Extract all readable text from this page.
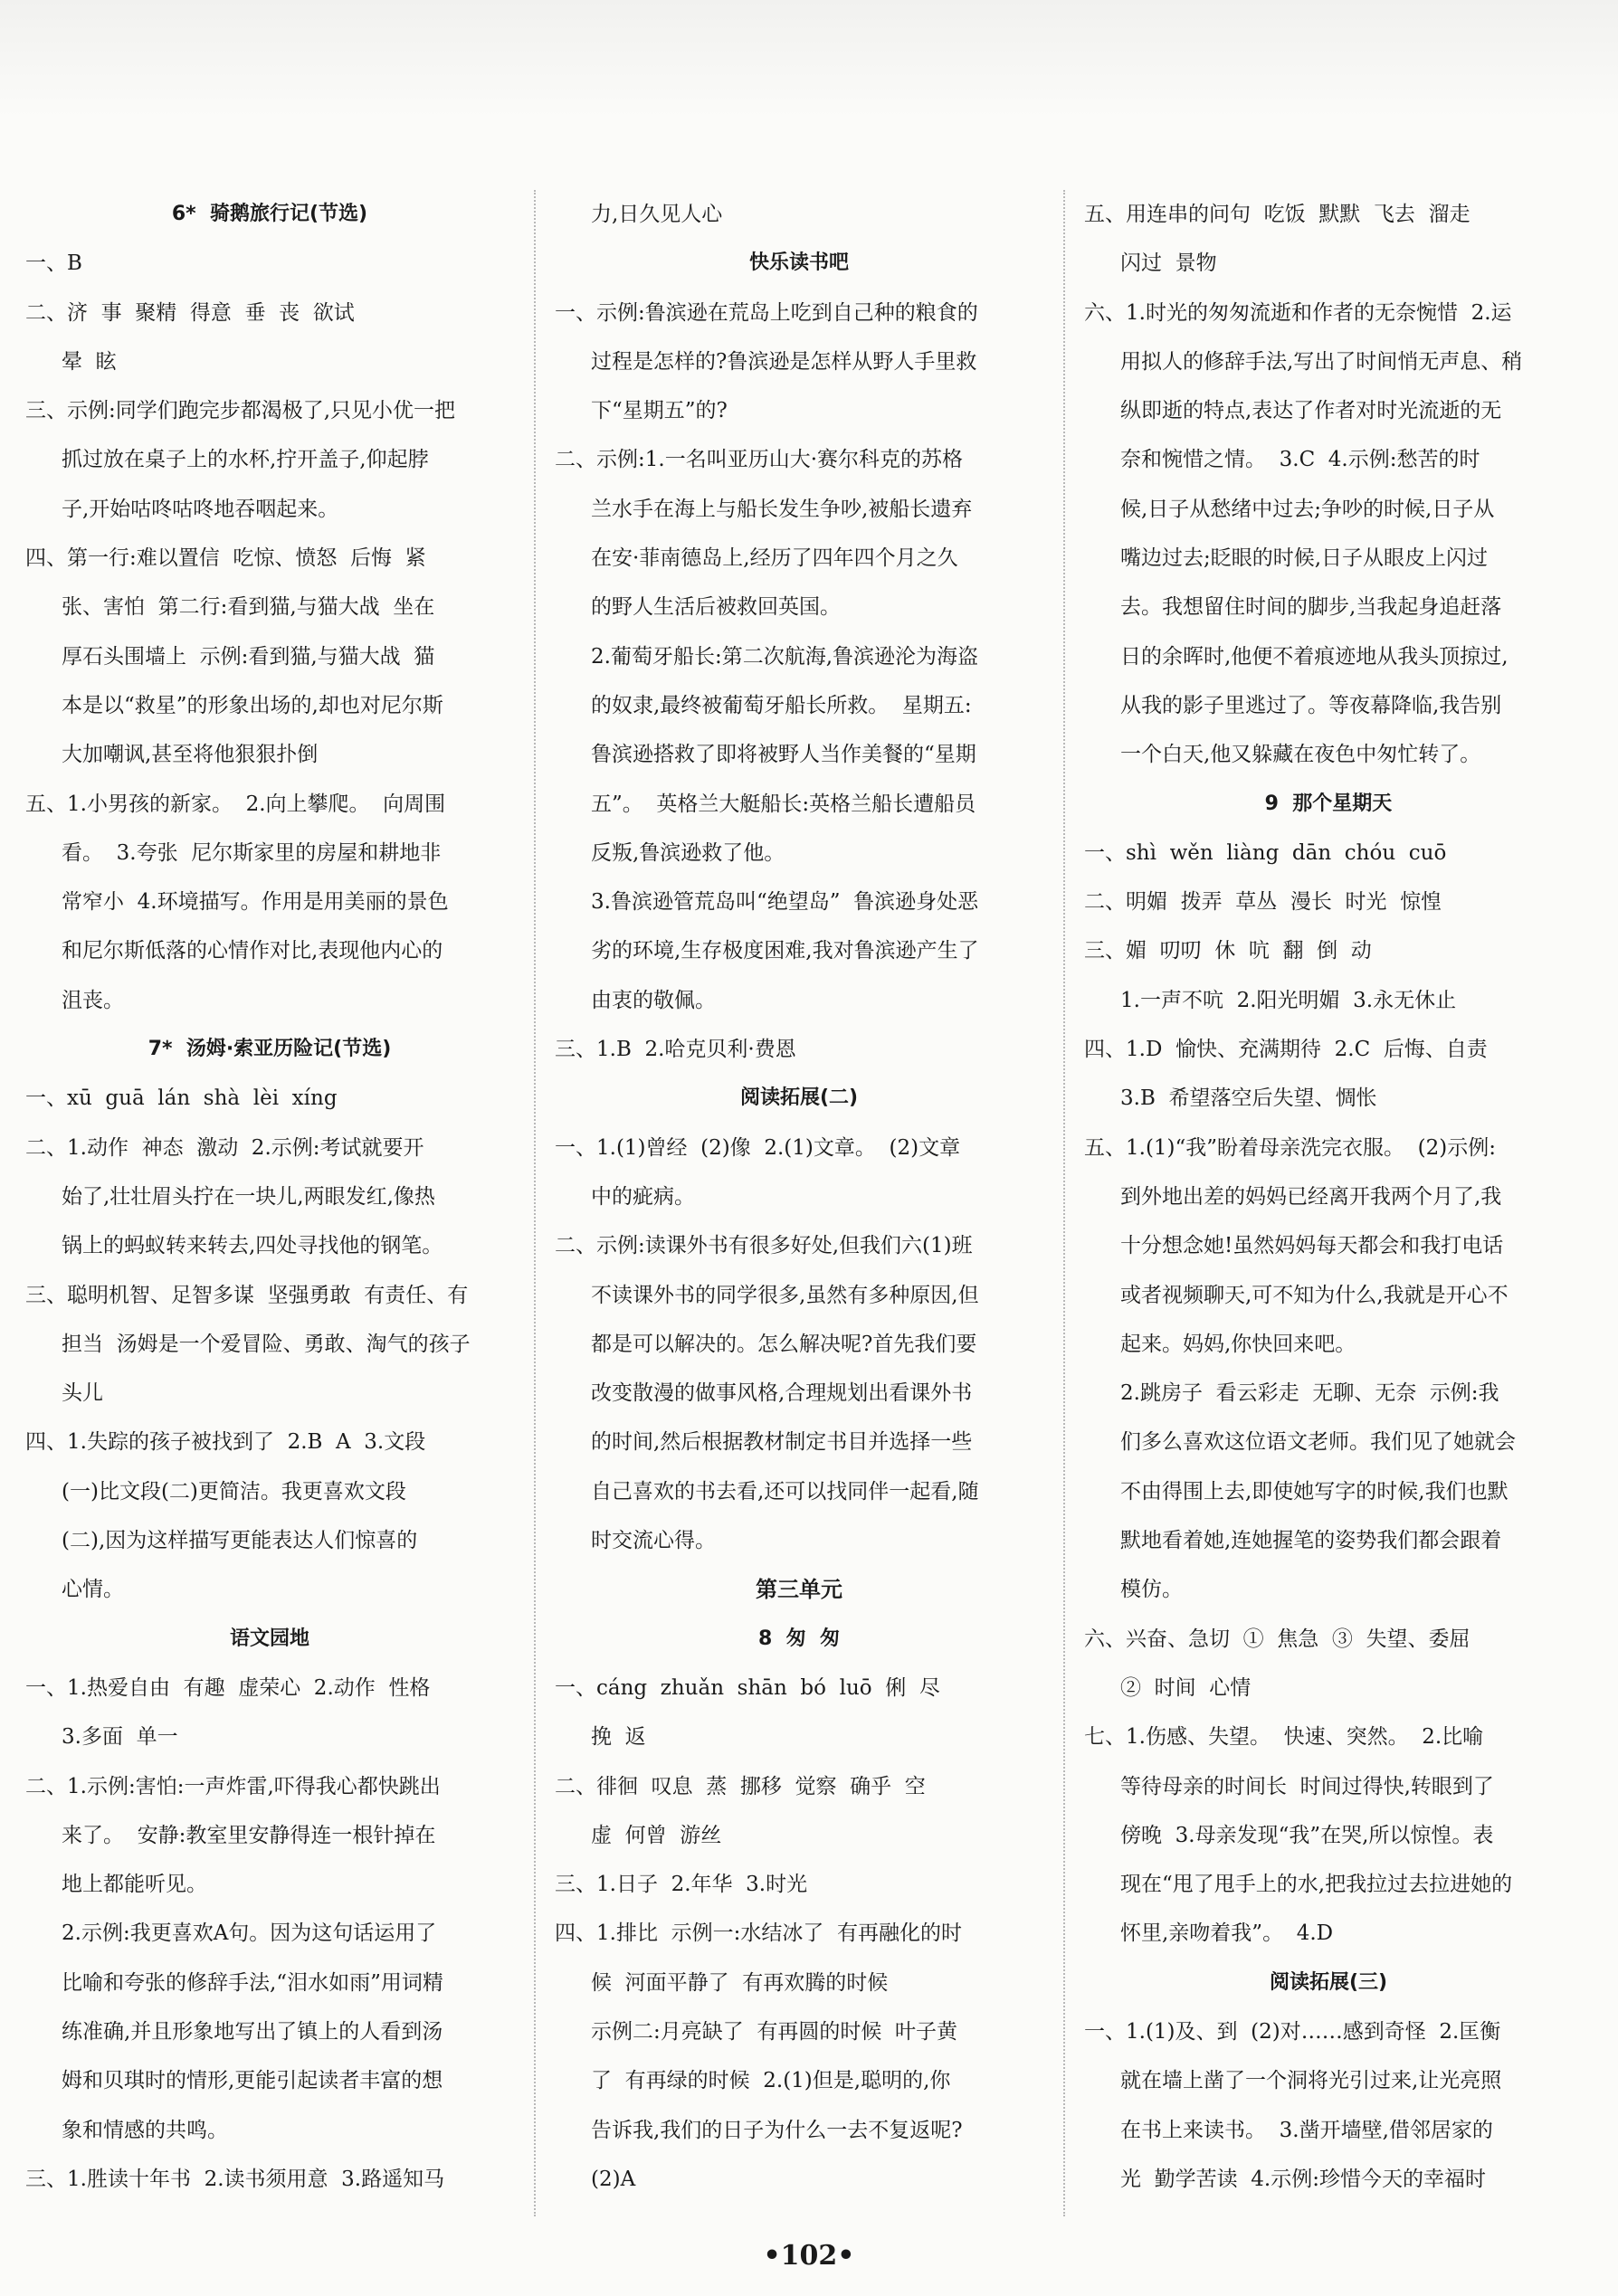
6*  骑鹅旅行记(节选)
一、B
二、济  事  聚精  得意  垂  丧  欲试
晕  眩
三、示例:同学们跑完步都渴极了,只见小优一把
抓过放在桌子上的水杯,拧开盖子,仰起脖
子,开始咕咚咕咚地吞咽起来。
四、第一行:难以置信  吃惊、愤怒  后悔  紧
张、害怕  第二行:看到猫,与猫大战  坐在
厚石头围墙上  示例:看到猫,与猫大战  猫
本是以“救星”的形象出场的,却也对尼尔斯
大加嘲讽,甚至将他狠狠扑倒
五、1.小男孩的新家。  2.向上攀爬。  向周围
看。  3.夸张  尼尔斯家里的房屋和耕地非
常窄小  4.环境描写。作用是用美丽的景色
和尼尔斯低落的心情作对比,表现他内心的
沮丧。
7*  汤姆·索亚历险记(节选)
一、xū  guā  lán  shà  lèi  xíng
二、1.动作  神态  激动  2.示例:考试就要开
始了,壮壮眉头拧在一块儿,两眼发红,像热
锅上的蚂蚁转来转去,四处寻找他的钢笔。
三、聪明机智、足智多谋  坚强勇敢  有责任、有
担当  汤姆是一个爱冒险、勇敢、淘气的孩子
头儿
四、1.失踪的孩子被找到了  2.B  A  3.文段
(一)比文段(二)更简洁。我更喜欢文段
(二),因为这样描写更能表达人们惊喜的
心情。
语文园地
一、1.热爱自由  有趣  虚荣心  2.动作  性格
3.多面  单一
二、1.示例:害怕:一声炸雷,吓得我心都快跳出
来了。  安静:教室里安静得连一根针掉在
地上都能听见。
2.示例:我更喜欢A句。因为这句话运用了
比喻和夸张的修辞手法,“泪水如雨”用词精
练准确,并且形象地写出了镇上的人看到汤
姆和贝琪时的情形,更能引起读者丰富的想
象和情感的共鸣。
三、1.胜读十年书  2.读书须用意  3.路遥知马
力,日久见人心
快乐读书吧
一、示例:鲁滨逊在荒岛上吃到自己种的粮食的
过程是怎样的?鲁滨逊是怎样从野人手里救
下“星期五”的?
二、示例:1.一名叫亚历山大·赛尔科克的苏格
兰水手在海上与船长发生争吵,被船长遗弃
在安·菲南德岛上,经历了四年四个月之久
的野人生活后被救回英国。
2.葡萄牙船长:第二次航海,鲁滨逊沦为海盗
的奴隶,最终被葡萄牙船长所救。  星期五:
鲁滨逊搭救了即将被野人当作美餐的“星期
五”。  英格兰大艇船长:英格兰船长遭船员
反叛,鲁滨逊救了他。
3.鲁滨逊管荒岛叫“绝望岛”  鲁滨逊身处恶
劣的环境,生存极度困难,我对鲁滨逊产生了
由衷的敬佩。
三、1.B  2.哈克贝利·费恩
阅读拓展(二)
一、1.(1)曾经  (2)像  2.(1)文章。  (2)文章
中的疵病。
二、示例:读课外书有很多好处,但我们六(1)班
不读课外书的同学很多,虽然有多种原因,但
都是可以解决的。怎么解决呢?首先我们要
改变散漫的做事风格,合理规划出看课外书
的时间,然后根据教材制定书目并选择一些
自己喜欢的书去看,还可以找同伴一起看,随
时交流心得。
第三单元
8  匆  匆
一、cáng  zhuǎn  shān  bó  luō  俐  尽
挽  返
二、徘徊  叹息  蒸  挪移  觉察  确乎  空
虚  何曾  游丝
三、1.日子  2.年华  3.时光
四、1.排比  示例一:水结冰了  有再融化的时
候  河面平静了  有再欢腾的时候
示例二:月亮缺了  有再圆的时候  叶子黄
了  有再绿的时候  2.(1)但是,聪明的,你
告诉我,我们的日子为什么一去不复返呢?
(2)A
五、用连串的问句  吃饭  默默  飞去  溜走
闪过  景物
六、1.时光的匆匆流逝和作者的无奈惋惜  2.运
用拟人的修辞手法,写出了时间悄无声息、稍
纵即逝的特点,表达了作者对时光流逝的无
奈和惋惜之情。  3.C  4.示例:愁苦的时
候,日子从愁绪中过去;争吵的时候,日子从
嘴边过去;眨眼的时候,日子从眼皮上闪过
去。我想留住时间的脚步,当我起身追赶落
日的余晖时,他便不着痕迹地从我头顶掠过,
从我的影子里逃过了。等夜幕降临,我告别
一个白天,他又躲藏在夜色中匆忙转了。
9  那个星期天
一、shì  wěn  liàng  dān  chóu  cuō
二、明媚  拨弄  草丛  漫长  时光  惊惶
三、媚  叨叨  休  吭  翻  倒  动
1.一声不吭  2.阳光明媚  3.永无休止
四、1.D  愉快、充满期待  2.C  后悔、自责
3.B  希望落空后失望、惆怅
五、1.(1)“我”盼着母亲洗完衣服。  (2)示例:
到外地出差的妈妈已经离开我两个月了,我
十分想念她!虽然妈妈每天都会和我打电话
或者视频聊天,可不知为什么,我就是开心不
起来。妈妈,你快回来吧。
2.跳房子  看云彩走  无聊、无奈  示例:我
们多么喜欢这位语文老师。我们见了她就会
不由得围上去,即使她写字的时候,我们也默
默地看着她,连她握笔的姿势我们都会跟着
模仿。
六、兴奋、急切  ①  焦急  ③  失望、委屈
②  时间  心情
七、1.伤感、失望。  快速、突然。  2.比喻
等待母亲的时间长  时间过得快,转眼到了
傍晚  3.母亲发现“我”在哭,所以惊惶。表
现在“甩了甩手上的水,把我拉过去拉进她的
怀里,亲吻着我”。  4.D
阅读拓展(三)
一、1.(1)及、到  (2)对……感到奇怪  2.匡衡
就在墙上凿了一个洞将光引过来,让光亮照
在书上来读书。  3.凿开墙壁,借邻居家的
光  勤学苦读  4.示例:珍惜今天的幸福时
•102•
